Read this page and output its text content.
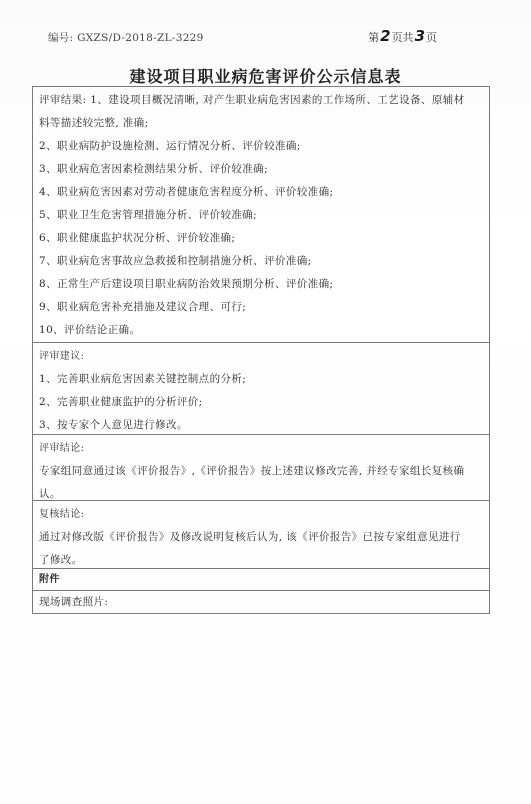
编号: GXZS/D-2018-ZL-3229	第2页共3页
建设项目职业病危害评价公示信息表
评审结果: 1、建设项目概况清晰, 对产生职业病危害因素的工作场所、工艺设备、原辅材
料等描述较完整, 准确;
2、职业病防护设施检测、运行情况分析、评价较准确;
3、职业病危害因素检测结果分析、评价较准确;
4、职业病危害因素对劳动者健康危害程度分析、评价较准确;
5、职业卫生危害管理措施分析、评价较准确;
6、职业健康监护状况分析、评价较准确;
7、职业病危害事故应急救援和控制措施分析、评价准确;
8、正常生产后建设项目职业病防治效果预期分析、评价准确;
9、职业病危害补充措施及建议合理、可行;
10、评价结论正确。
评审建议:
1、完善职业病危害因素关键控制点的分析;
2、完善职业健康监护的分析评价;
3、按专家个人意见进行修改。
评审结论:
专家组同意通过该《评价报告》,《评价报告》按上述建议修改完善, 并经专家组长复核确
认。
复核结论:
通过对修改版《评价报告》及修改说明复核后认为, 该《评价报告》已按专家组意见进行
了修改。
附件
现场调查照片:
